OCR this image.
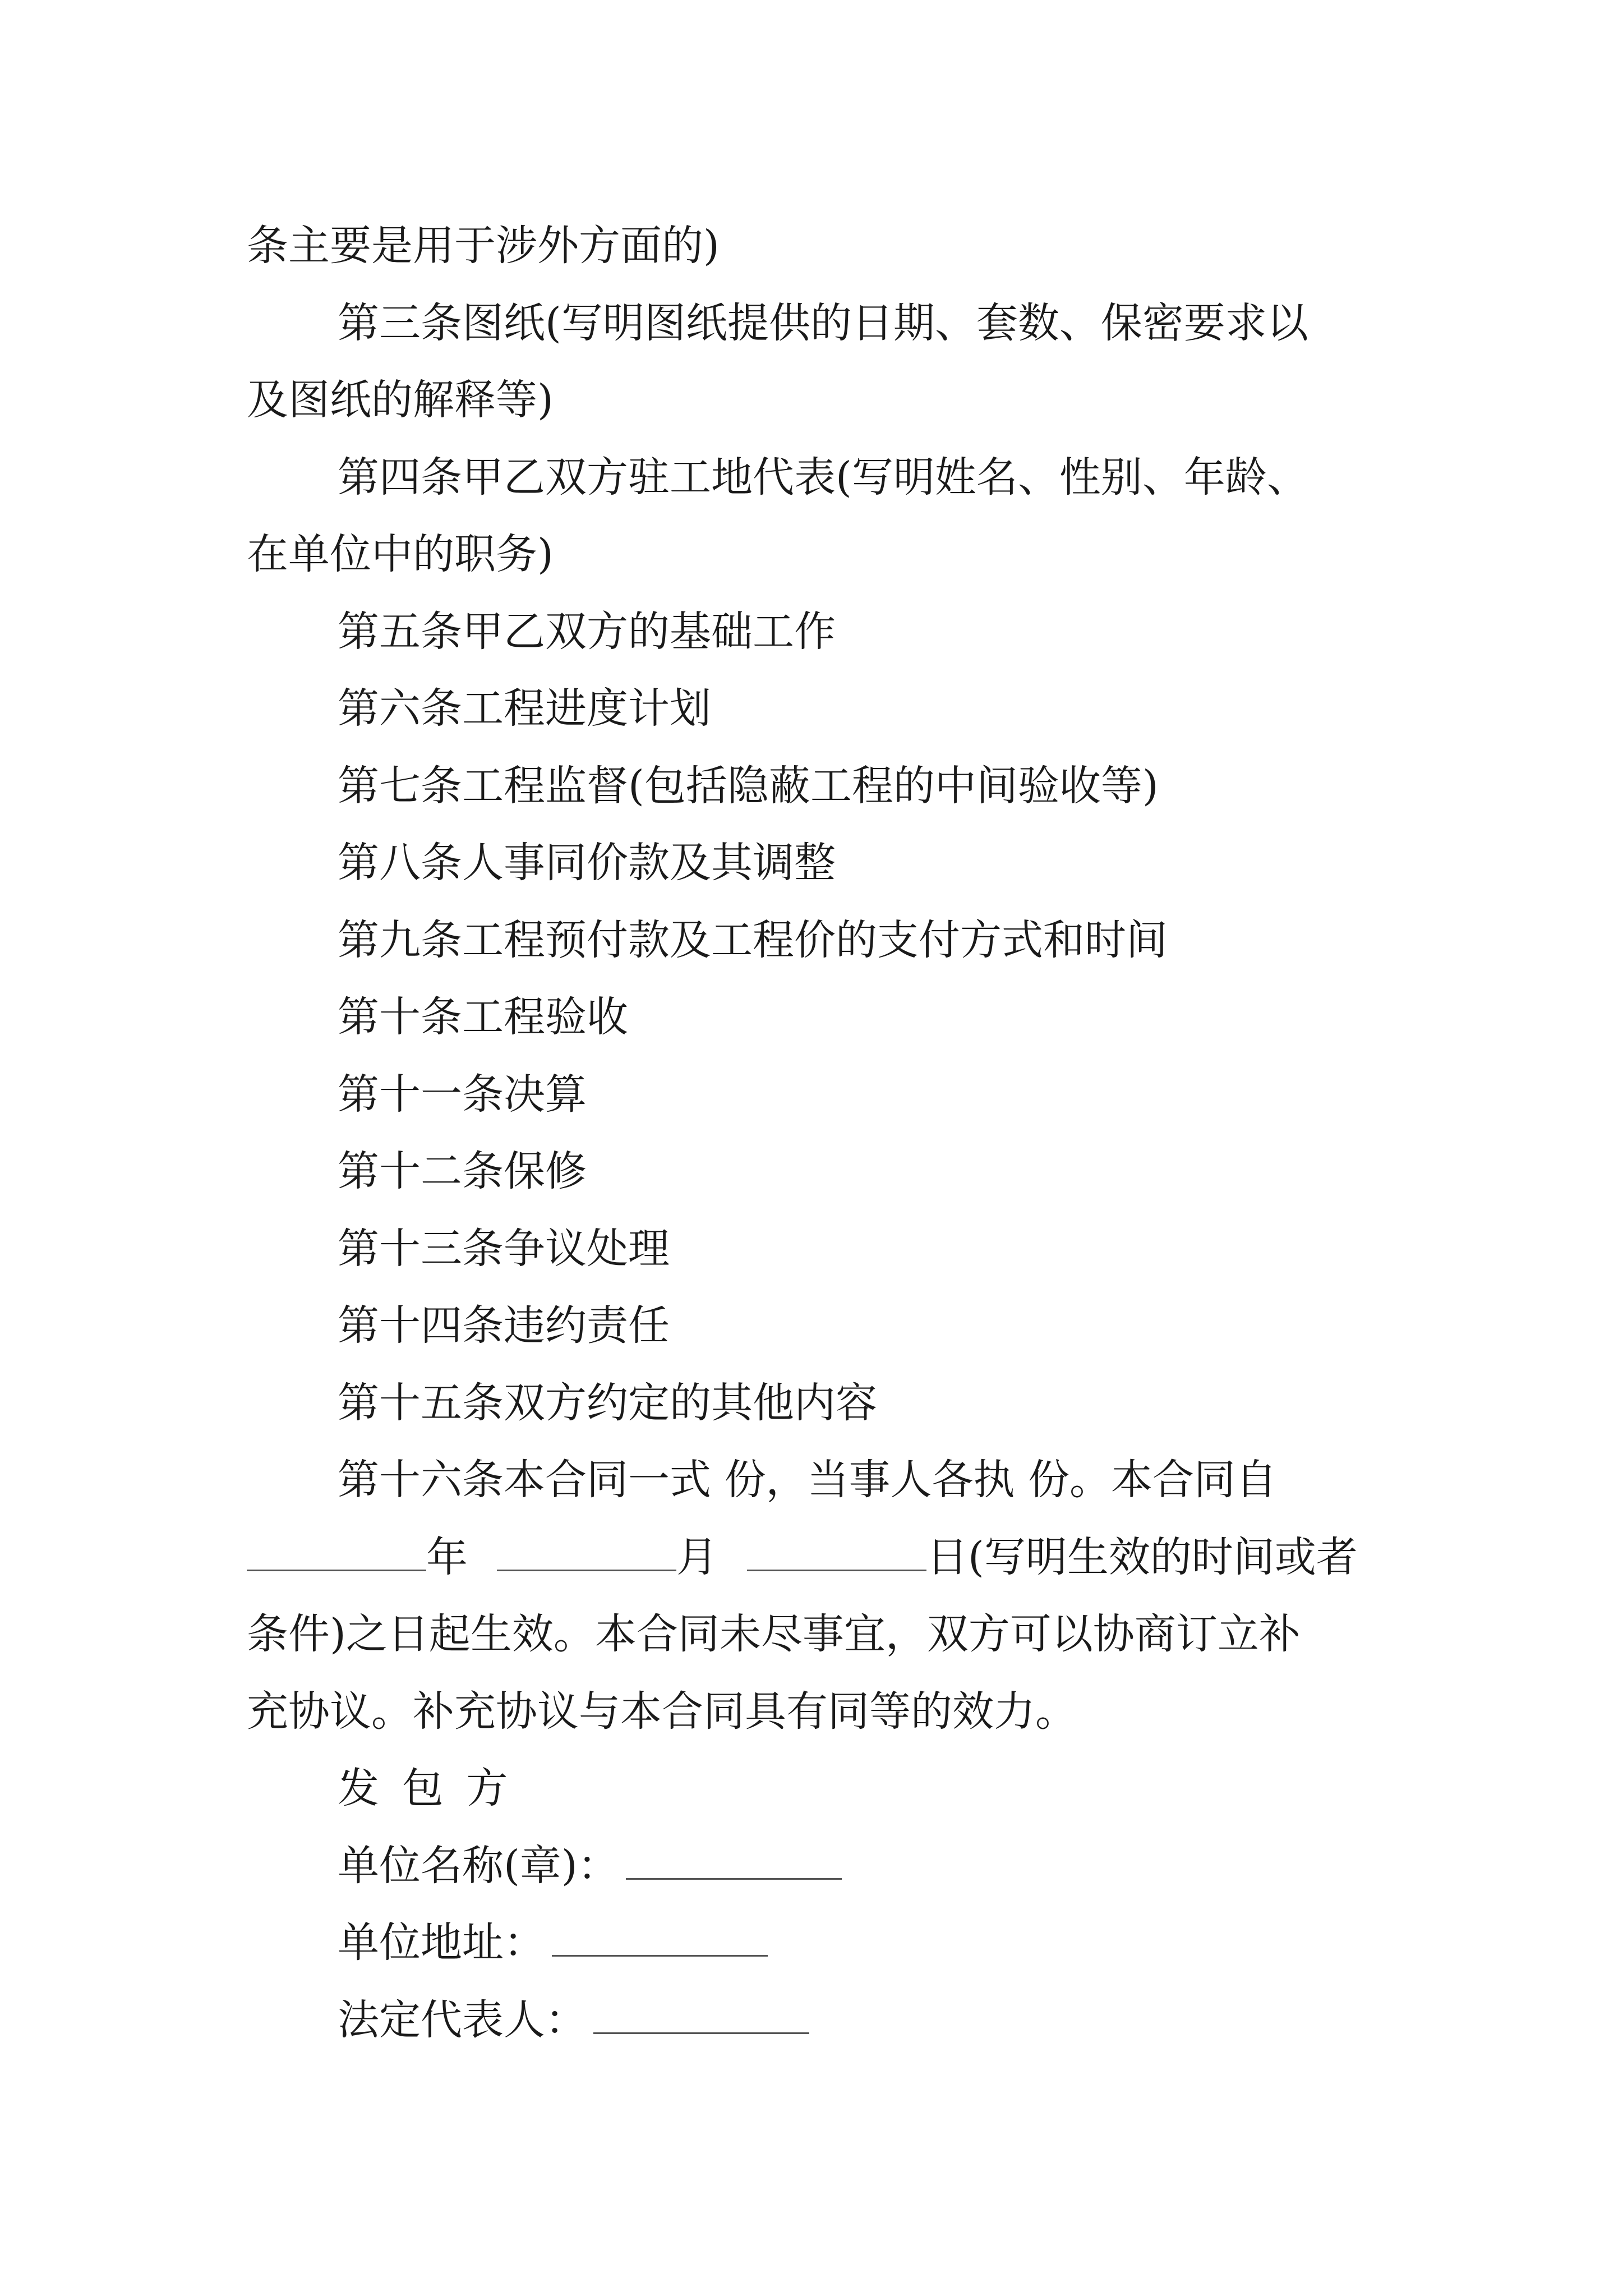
条主要是用于涉外方面的)
第三条图纸(写明图纸提供的日期、套数、保密要求以
及图纸的解释等)
第四条甲乙双方驻工地代表(写明姓名、性别、年龄、
在单位中的职务)
第五条甲乙双方的基础工作
第六条工程进度计划
第七条工程监督(包括隐蔽工程的中间验收等)
第八条人事同价款及其调整
第九条工程预付款及工程价的支付方式和时间
第十条工程验收
第十一条决算
第十二条保修
第十三条争议处理
第十四条违约责任
第十五条双方约定的其他内容
第十六条本合同一式 份，当事人各执 份。本合同自
年	月	日(写明生效的时间或者
条件)之日起生效。本合同未尽事宜，双方可以协商订立补
充协议。补充协议与本合同具有同等的效力。
发包方
单位名称(章)：
单位地址：
法定代表人：
